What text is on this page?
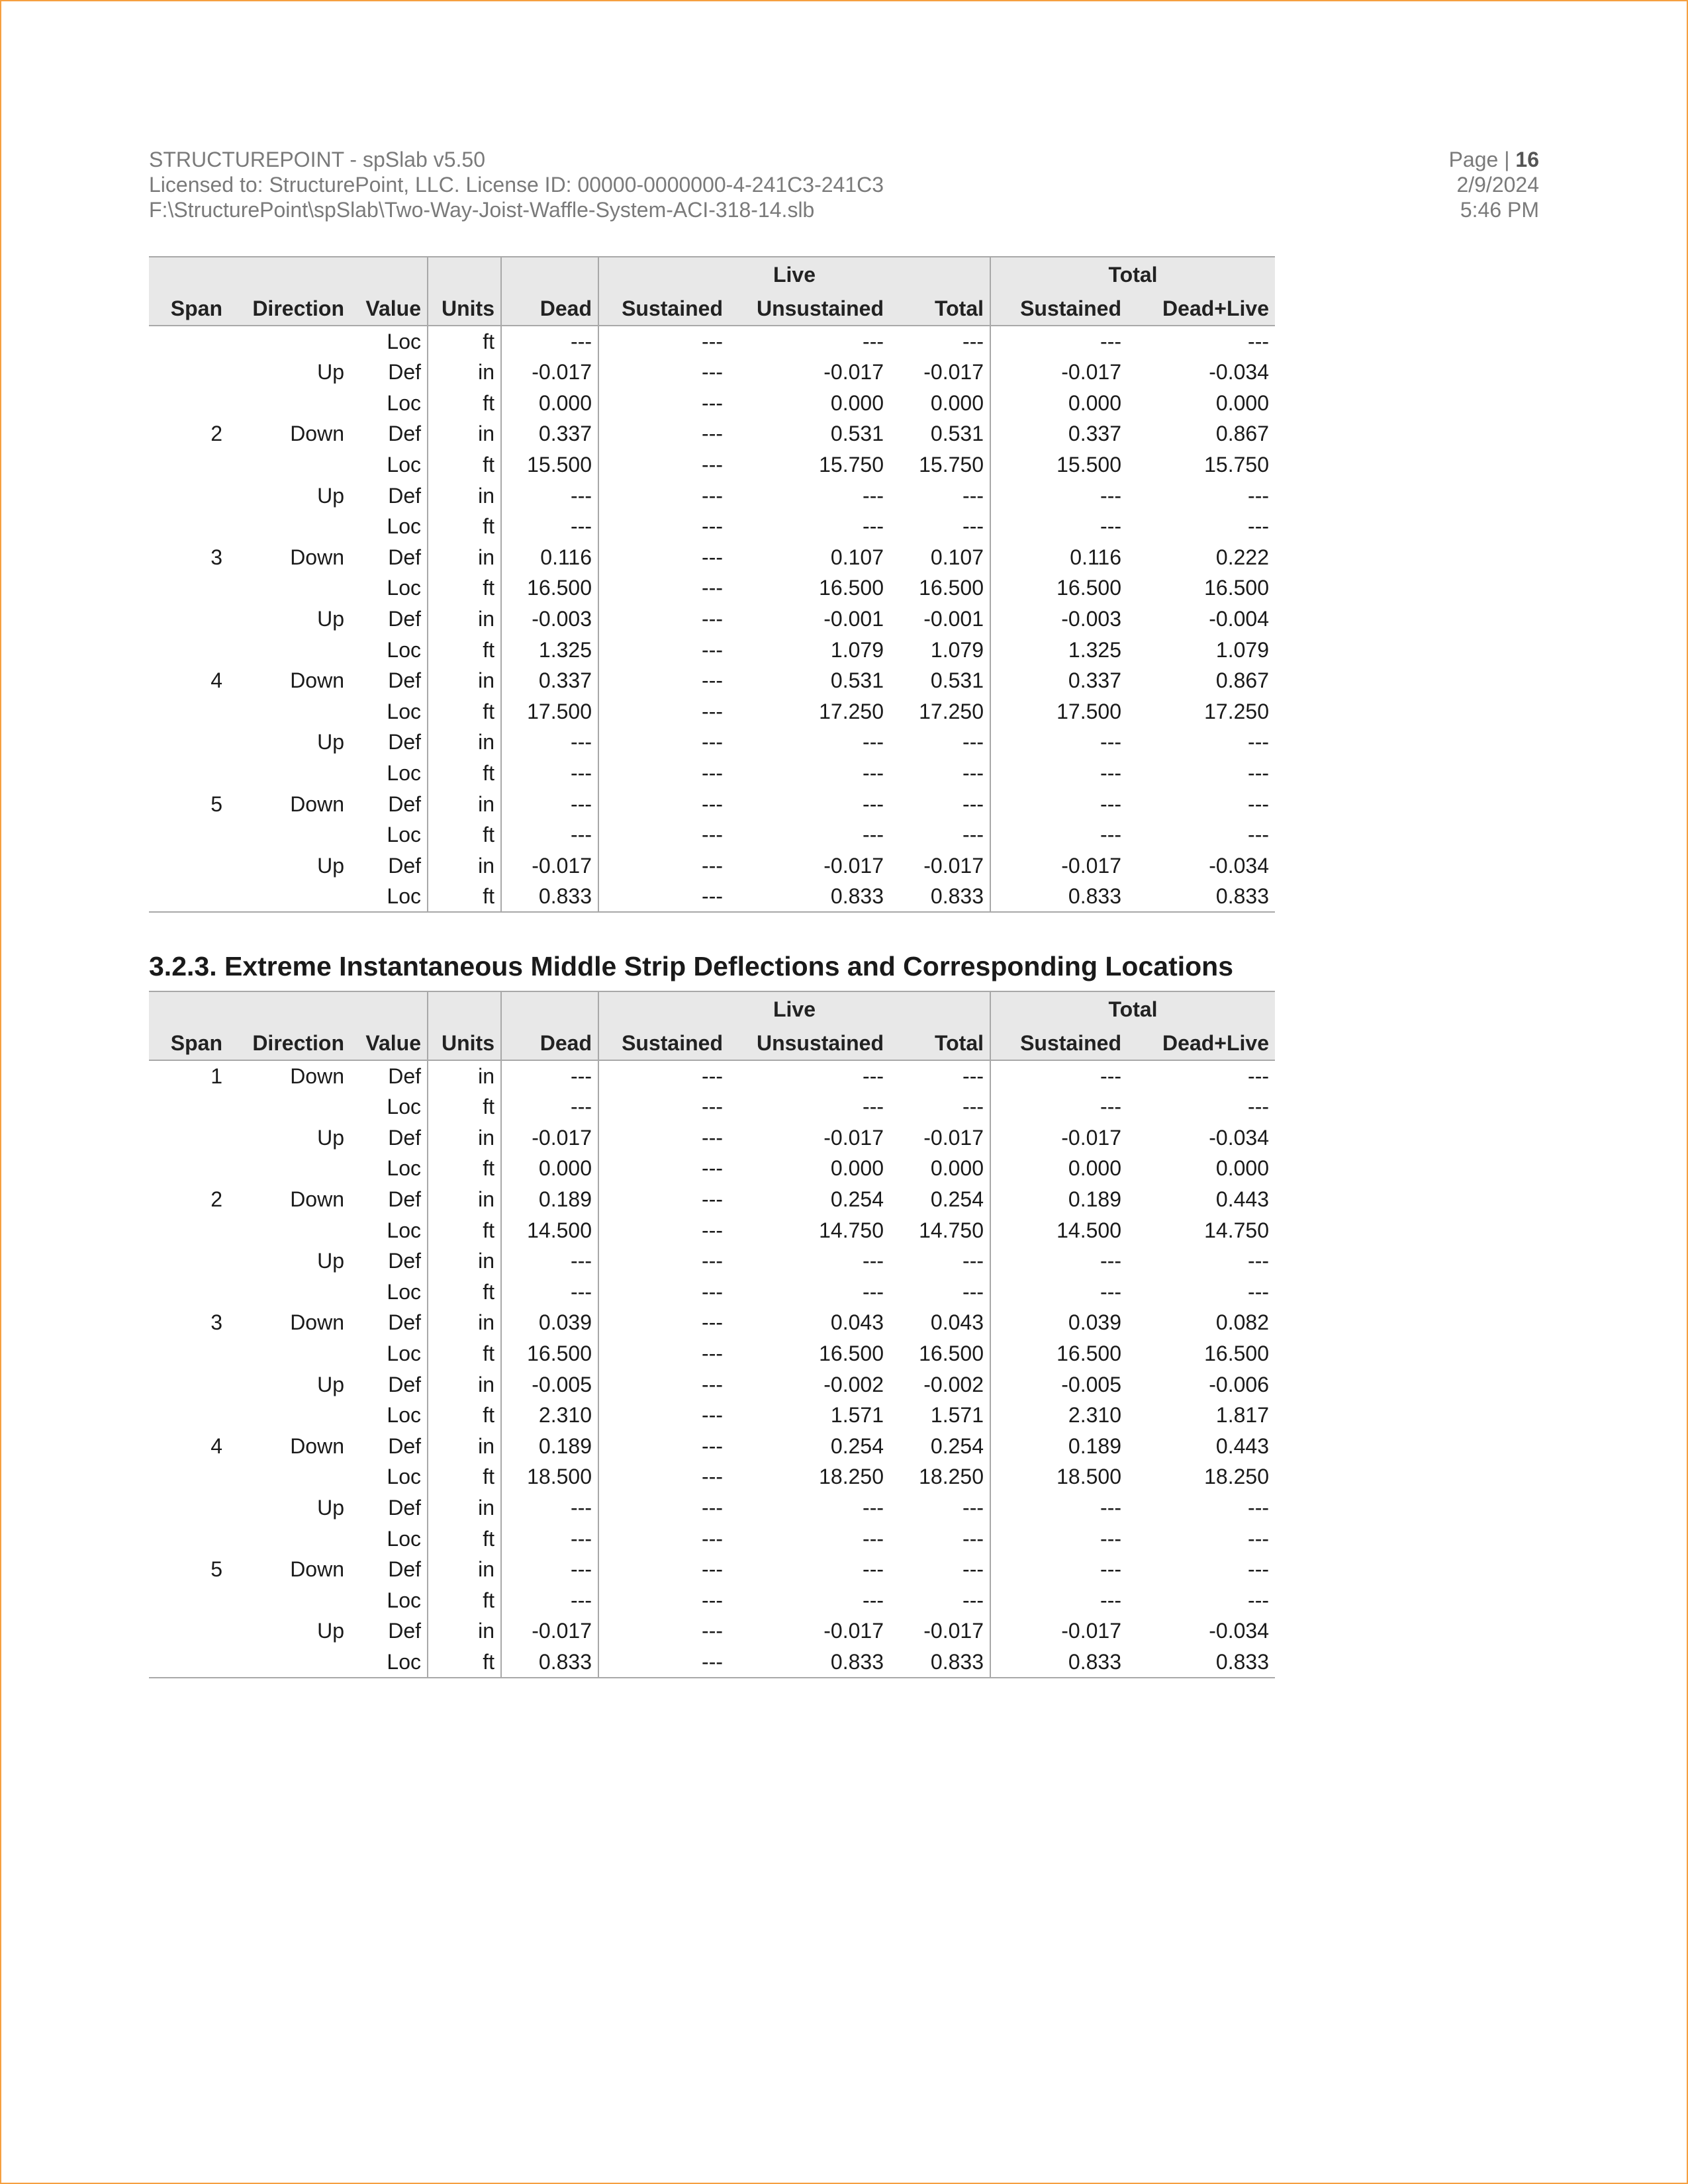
STRUCTUREPOINT - spSlab v5.50
Licensed to: StructurePoint, LLC. License ID: 00000-0000000-4-241C3-241C3
F:\StructurePoint\spSlab\Two-Way-Joist-Waffle-System-ACI-318-14.slb
Page | 16
2/9/2024
5:46 PM
					Live			Total	
Span	Direction	Value	Units	Dead	Sustained	Unsustained	Total	Sustained	Dead+Live
		Loc	ft	---	---	---	---	---	---
	Up	Def	in	-0.017	---	-0.017	-0.017	-0.017	-0.034
		Loc	ft	0.000	---	0.000	0.000	0.000	0.000
2	Down	Def	in	0.337	---	0.531	0.531	0.337	0.867
		Loc	ft	15.500	---	15.750	15.750	15.500	15.750
	Up	Def	in	---	---	---	---	---	---
		Loc	ft	---	---	---	---	---	---
3	Down	Def	in	0.116	---	0.107	0.107	0.116	0.222
		Loc	ft	16.500	---	16.500	16.500	16.500	16.500
	Up	Def	in	-0.003	---	-0.001	-0.001	-0.003	-0.004
		Loc	ft	1.325	---	1.079	1.079	1.325	1.079
4	Down	Def	in	0.337	---	0.531	0.531	0.337	0.867
		Loc	ft	17.500	---	17.250	17.250	17.500	17.250
	Up	Def	in	---	---	---	---	---	---
		Loc	ft	---	---	---	---	---	---
5	Down	Def	in	---	---	---	---	---	---
		Loc	ft	---	---	---	---	---	---
	Up	Def	in	-0.017	---	-0.017	-0.017	-0.017	-0.034
		Loc	ft	0.833	---	0.833	0.833	0.833	0.833
3.2.3. Extreme Instantaneous Middle Strip Deflections and Corresponding Locations
					Live			Total	
Span	Direction	Value	Units	Dead	Sustained	Unsustained	Total	Sustained	Dead+Live
1	Down	Def	in	---	---	---	---	---	---
		Loc	ft	---	---	---	---	---	---
	Up	Def	in	-0.017	---	-0.017	-0.017	-0.017	-0.034
		Loc	ft	0.000	---	0.000	0.000	0.000	0.000
2	Down	Def	in	0.189	---	0.254	0.254	0.189	0.443
		Loc	ft	14.500	---	14.750	14.750	14.500	14.750
	Up	Def	in	---	---	---	---	---	---
		Loc	ft	---	---	---	---	---	---
3	Down	Def	in	0.039	---	0.043	0.043	0.039	0.082
		Loc	ft	16.500	---	16.500	16.500	16.500	16.500
	Up	Def	in	-0.005	---	-0.002	-0.002	-0.005	-0.006
		Loc	ft	2.310	---	1.571	1.571	2.310	1.817
4	Down	Def	in	0.189	---	0.254	0.254	0.189	0.443
		Loc	ft	18.500	---	18.250	18.250	18.500	18.250
	Up	Def	in	---	---	---	---	---	---
		Loc	ft	---	---	---	---	---	---
5	Down	Def	in	---	---	---	---	---	---
		Loc	ft	---	---	---	---	---	---
	Up	Def	in	-0.017	---	-0.017	-0.017	-0.017	-0.034
		Loc	ft	0.833	---	0.833	0.833	0.833	0.833
